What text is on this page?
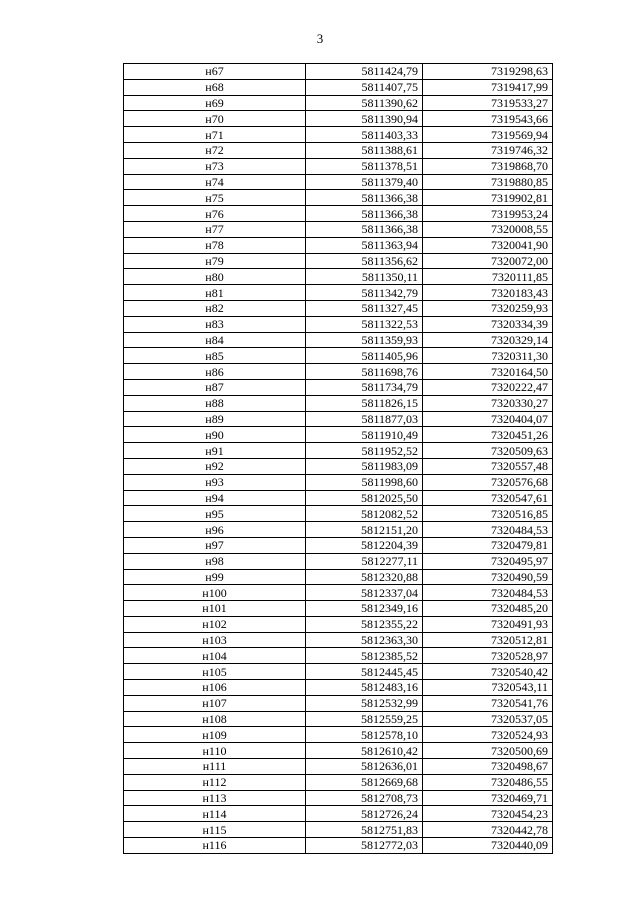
3
н67	5811424,79	7319298,63
н68	5811407,75	7319417,99
н69	5811390,62	7319533,27
н70	5811390,94	7319543,66
н71	5811403,33	7319569,94
н72	5811388,61	7319746,32
н73	5811378,51	7319868,70
н74	5811379,40	7319880,85
н75	5811366,38	7319902,81
н76	5811366,38	7319953,24
н77	5811366,38	7320008,55
н78	5811363,94	7320041,90
н79	5811356,62	7320072,00
н80	5811350,11	7320111,85
н81	5811342,79	7320183,43
н82	5811327,45	7320259,93
н83	5811322,53	7320334,39
н84	5811359,93	7320329,14
н85	5811405,96	7320311,30
н86	5811698,76	7320164,50
н87	5811734,79	7320222,47
н88	5811826,15	7320330,27
н89	5811877,03	7320404,07
н90	5811910,49	7320451,26
н91	5811952,52	7320509,63
н92	5811983,09	7320557,48
н93	5811998,60	7320576,68
н94	5812025,50	7320547,61
н95	5812082,52	7320516,85
н96	5812151,20	7320484,53
н97	5812204,39	7320479,81
н98	5812277,11	7320495,97
н99	5812320,88	7320490,59
н100	5812337,04	7320484,53
н101	5812349,16	7320485,20
н102	5812355,22	7320491,93
н103	5812363,30	7320512,81
н104	5812385,52	7320528,97
н105	5812445,45	7320540,42
н106	5812483,16	7320543,11
н107	5812532,99	7320541,76
н108	5812559,25	7320537,05
н109	5812578,10	7320524,93
н110	5812610,42	7320500,69
н111	5812636,01	7320498,67
н112	5812669,68	7320486,55
н113	5812708,73	7320469,71
н114	5812726,24	7320454,23
н115	5812751,83	7320442,78
н116	5812772,03	7320440,09
